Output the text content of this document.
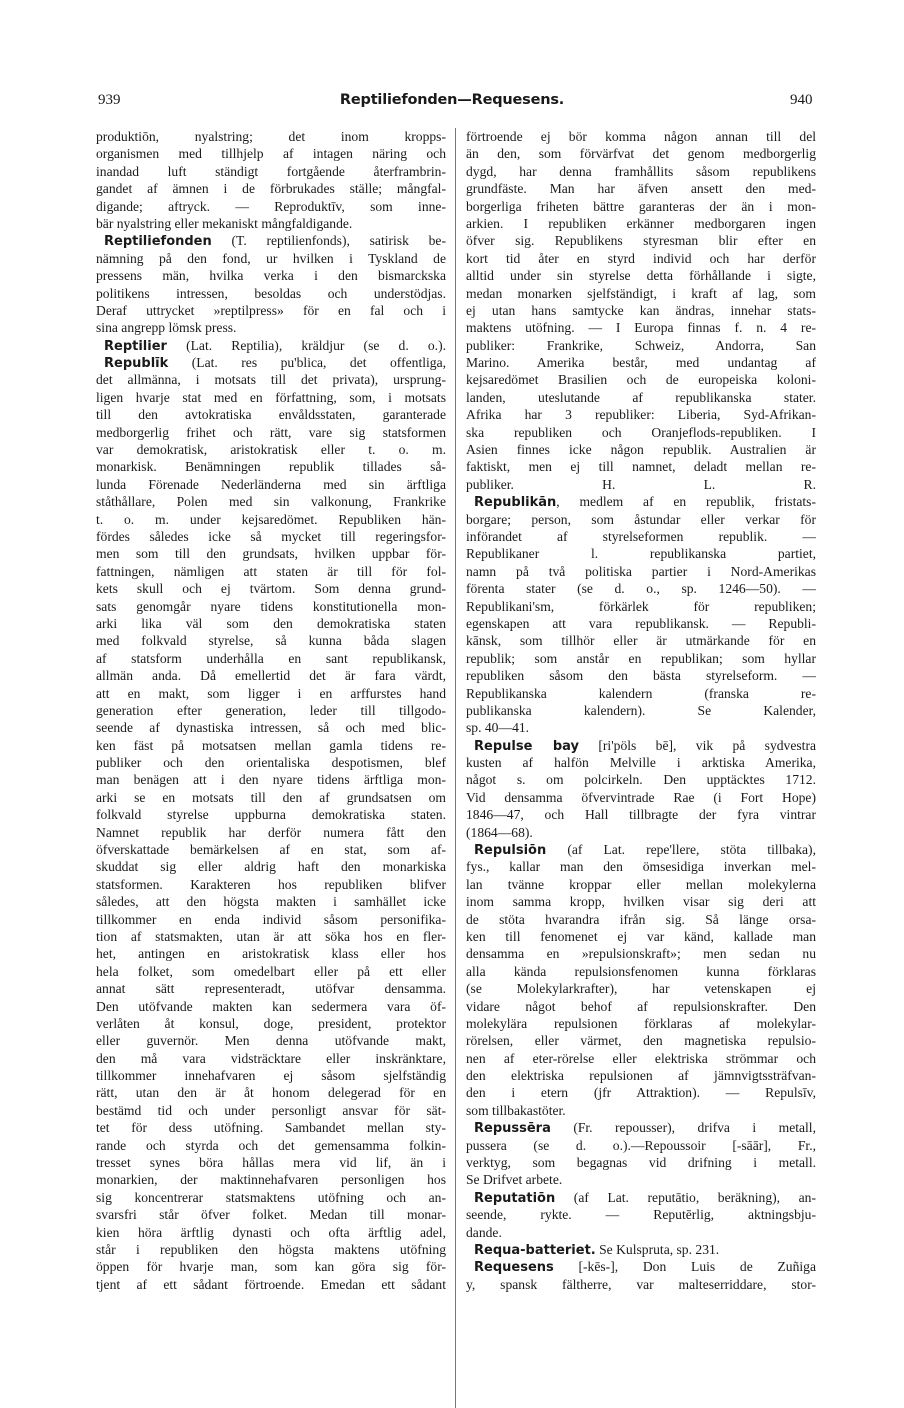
939	Reptiliefonden—Requesens.	940
produktiōn, nyalstring; det inom kropps-
organismen med tillhjelp af intagen näring och
inandad luft ständigt fortgående återframbrin-
gandet af ämnen i de förbrukades ställe; mångfal-
digande; aftryck. — Reproduktīv, som inne-
bär nyalstring eller mekaniskt mångfaldigande.
Reptiliefonden (T. reptilienfonds), satirisk be-
nämning på den fond, ur hvilken i Tyskland de
pressens män, hvilka verka i den bismarckska
politikens intressen, besoldas och understödjas.
Deraf uttrycket »reptilpress» för en fal och i
sina angrepp lömsk press.
Reptilier (Lat. Reptilia), kräldjur (se d. o.).
Republīk (Lat. res pu'blica, det offentliga,
det allmänna, i motsats till det privata), ursprung-
ligen hvarje stat med en författning, som, i motsats
till den avtokratiska envåldsstaten, garanterade
medborgerlig frihet och rätt, vare sig statsformen
var demokratisk, aristokratisk eller t. o. m.
monarkisk. Benämningen republik tillades så-
lunda Förenade Nederländerna med sin ärftliga
ståthållare, Polen med sin valkonung, Frankrike
t. o. m. under kejsaredömet. Republiken hän-
fördes således icke så mycket till regeringsfor-
men som till den grundsats, hvilken uppbar för-
fattningen, nämligen att staten är till för fol-
kets skull och ej tvärtom. Som denna grund-
sats genomgår nyare tidens konstitutionella mon-
arki lika väl som den demokratiska staten
med folkvald styrelse, så kunna båda slagen
af statsform underhålla en sant republikansk,
allmän anda. Då emellertid det är fara värdt,
att en makt, som ligger i en arffurstes hand
generation efter generation, leder till tillgodo-
seende af dynastiska intressen, så och med blic-
ken fäst på motsatsen mellan gamla tidens re-
publiker och den orientaliska despotismen, blef
man benägen att i den nyare tidens ärftliga mon-
arki se en motsats till den af grundsatsen om
folkvald styrelse uppburna demokratiska staten.
Namnet republik har derför numera fått den
öfverskattade bemärkelsen af en stat, som af-
skuddat sig eller aldrig haft den monarkiska
statsformen. Karakteren hos republiken blifver
således, att den högsta makten i samhället icke
tillkommer en enda individ såsom personifika-
tion af statsmakten, utan är att söka hos en fler-
het, antingen en aristokratisk klass eller hos
hela folket, som omedelbart eller på ett eller
annat sätt representeradt, utöfvar densamma.
Den utöfvande makten kan sedermera vara öf-
verlåten åt konsul, doge, president, protektor
eller guvernör. Men denna utöfvande makt,
den må vara vidsträcktare eller inskränktare,
tillkommer innehafvaren ej såsom sjelfständig
rätt, utan den är åt honom delegerad för en
bestämd tid och under personligt ansvar för sät-
tet för dess utöfning. Sambandet mellan sty-
rande och styrda och det gemensamma folkin-
tresset synes böra hållas mera vid lif, än i
monarkien, der maktinnehafvaren personligen hos
sig koncentrerar statsmaktens utöfning och an-
svarsfri står öfver folket. Medan till monar-
kien höra ärftlig dynasti och ofta ärftlig adel,
står i republiken den högsta maktens utöfning
öppen för hvarje man, som kan göra sig för-
tjent af ett sådant förtroende. Emedan ett sådant
förtroende ej bör komma någon annan till del
än den, som förvärfvat det genom medborgerlig
dygd, har denna framhållits såsom republikens
grundfäste. Man har äfven ansett den med-
borgerliga friheten bättre garanteras der än i mon-
arkien. I republiken erkänner medborgaren ingen
öfver sig. Republikens styresman blir efter en
kort tid åter en styrd individ och har derför
alltid under sin styrelse detta förhållande i sigte,
medan monarken sjelfständigt, i kraft af lag, som
ej utan hans samtycke kan ändras, innehar stats-
maktens utöfning. — I Europa finnas f. n. 4 re-
publiker: Frankrike, Schweiz, Andorra, San
Marino. Amerika består, med undantag af
kejsaredömet Brasilien och de europeiska koloni-
landen, uteslutande af republikanska stater.
Afrika har 3 republiker: Liberia, Syd-Afrikan-
ska republiken och Oranjeflods-republiken. I
Asien finnes icke någon republik. Australien är
faktiskt, men ej till namnet, deladt mellan re-
publiker. H. L. R.
Republikān, medlem af en republik, fristats-
borgare; person, som åstundar eller verkar för
införandet af styrelseformen republik. —
Republikaner l. republikanska partiet,
namn på två politiska partier i Nord-Amerikas
förenta stater (se d. o., sp. 1246—50). —
Republikani'sm, förkärlek för republiken;
egenskapen att vara republikansk. — Republi-
kānsk, som tillhör eller är utmärkande för en
republik; som anstår en republikan; som hyllar
republiken såsom den bästa styrelseform. —
Republikanska kalendern (franska re-
publikanska kalendern). Se Kalender,
sp. 40—41.
Repulse bay [ri'pöls bē], vik på sydvestra
kusten af halfön Melville i arktiska Amerika,
något s. om polcirkeln. Den upptäcktes 1712.
Vid densamma öfvervintrade Rae (i Fort Hope)
1846—47, och Hall tillbragte der fyra vintrar
(1864—68).
Repulsiōn (af Lat. repe'llere, stöta tillbaka),
fys., kallar man den ömsesidiga inverkan mel-
lan tvänne kroppar eller mellan molekylerna
inom samma kropp, hvilken visar sig deri att
de stöta hvarandra ifrån sig. Så länge orsa-
ken till fenomenet ej var känd, kallade man
densamma en »repulsionskraft»; men sedan nu
alla kända repulsionsfenomen kunna förklaras
(se Molekylarkrafter), har vetenskapen ej
vidare något behof af repulsionskrafter. Den
molekylära repulsionen förklaras af molekylar-
rörelsen, eller värmet, den magnetiska repulsio-
nen af eter-rörelse eller elektriska strömmar och
den elektriska repulsionen af jämnvigtssträfvan-
den i etern (jfr Attraktion). — Repulsīv,
som tillbakastöter.
Repussēra (Fr. repousser), drifva i metall,
pussera (se d. o.).—Repoussoir [-sāār], Fr.,
verktyg, som begagnas vid drifning i metall.
Se Drifvet arbete.
Reputatiōn (af Lat. reputātio, beräkning), an-
seende, rykte. — Reputērlig, aktningsbju-
dande.
Requa-batteriet. Se Kulspruta, sp. 231.
Requesens [-kēs-], Don Luis de Zuñiga
y, spansk fältherre, var malteserriddare, stor-
